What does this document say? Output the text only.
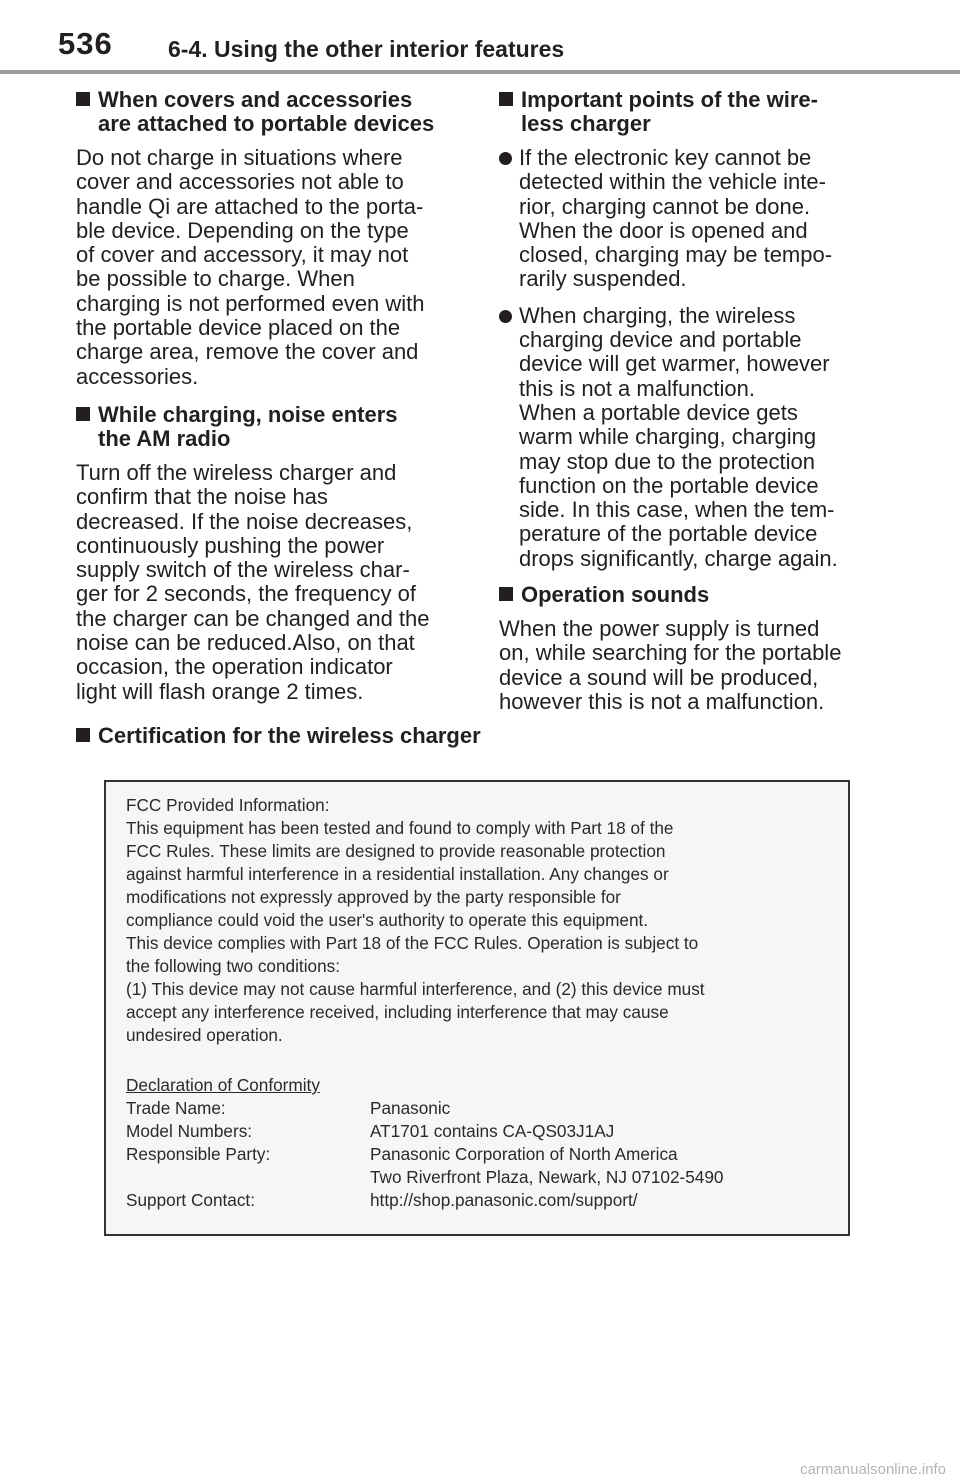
536 6-4. Using the other interior features
When covers and accessories
are attached to portable devices
Do not charge in situations where
cover and accessories not able to
handle Qi are attached to the porta-
ble device. Depending on the type
of cover and accessory, it may not
be possible to charge. When
charging is not performed even with
the portable device placed on the
charge area, remove the cover and
accessories.
While charging, noise enters
the AM radio
Turn off the wireless charger and
confirm that the noise has
decreased. If the noise decreases,
continuously pushing the power
supply switch of the wireless char-
ger for 2 seconds, the frequency of
the charger can be changed and the
noise can be reduced.Also, on that
occasion, the operation indicator
light will flash orange 2 times.
Important points of the wire-
less charger
If the electronic key cannot be
detected within the vehicle inte-
rior, charging cannot be done.
When the door is opened and
closed, charging may be tempo-
rarily suspended.
When charging, the wireless
charging device and portable
device will get warmer, however
this is not a malfunction.
When a portable device gets
warm while charging, charging
may stop due to the protection
function on the portable device
side. In this case, when the tem-
perature of the portable device
drops significantly, charge again.
Operation sounds
When the power supply is turned
on, while searching for the portable
device a sound will be produced,
however this is not a malfunction.
Certification for the wireless charger
FCC Provided Information:
This equipment has been tested and found to comply with Part 18 of the
FCC Rules. These limits are designed to provide reasonable protection
against harmful interference in a residential installation. Any changes or
modifications not expressly approved by the party responsible for
compliance could void the user's authority to operate this equipment.
This device complies with Part 18 of the FCC Rules. Operation is subject to
the following two conditions:
(1) This device may not cause harmful interference, and (2) this device must
accept any interference received, including interference that may cause
undesired operation.
Declaration of Conformity
Trade Name:	Panasonic
Model Numbers:	AT1701 contains CA-QS03J1AJ
Responsible Party:	Panasonic Corporation of North America
Two Riverfront Plaza, Newark, NJ 07102-5490
Support Contact:	http://shop.panasonic.com/support/
carmanualsonline.info
